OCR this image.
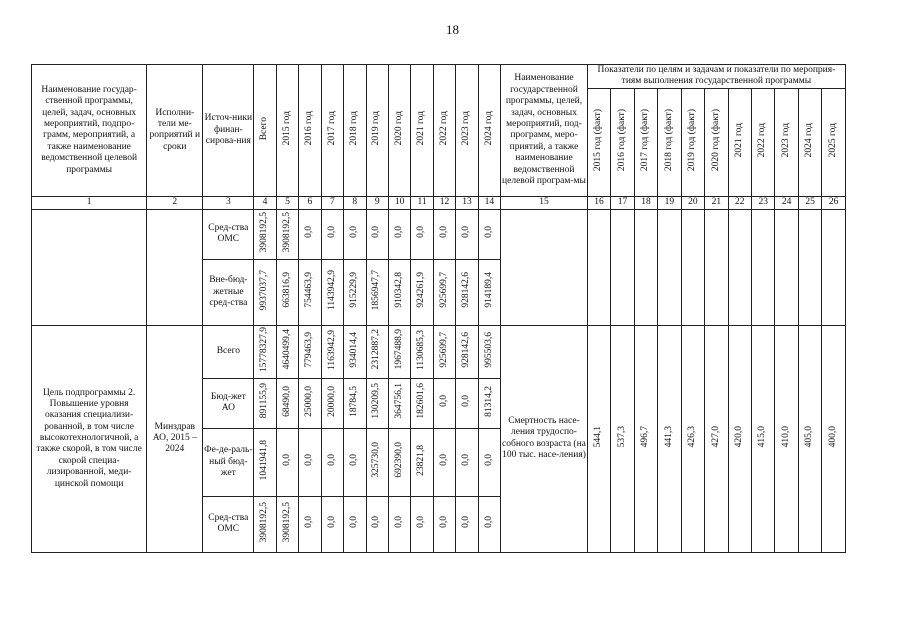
18
Наименование государ-ственной программы, целей, задач, основных мероприятий, подпро-грамм, мероприятий, а также наименование ведомственной целевой программы	Исполни-тели ме-роприятий и сроки	Источ-ники финан-сирова-ния	Всего	2015 год	2016 год	2017 год	2018 год	2019 год	2020 год	2021 год	2022 год	2023 год	2024 год	Наименование государственной программы, целей, задач, основных мероприятий, под-программ, меро-приятий, а также наименование ведомственной целевой програм-мы	Показатели по целям и задачам и показатели по мероприя-тиям выполнения государственной программы										
															2015 год (факт)	2016 год (факт)	2017 год (факт)	2018 год (факт)	2019 год (факт)	2020 год (факт)	2021 год	2022 год	2023 год	2024 год	2025 год
1	2	3	4	5	6	7	8	9	10	11	12	13	14	15	16	17	18	19	20	21	22	23	24	25	26
		Сред-ства ОМС	3908192,5	3908192,5	0,0	0,0	0,0	0,0	0,0	0,0	0,0	0,0	0,0												
		Вне-бюд-жетные сред-ства	9937037,7	663816,9	754463,9	1143942,9	915229,9	1856947,7	910342,8	924261,9	925699,7	928142,6	914189,4												
Цель подпрограммы 2. Повышение уровня оказания специализи-рованной, в том числе высокотехнологичной, а также скорой, в том числе скорой специа-лизированной, меди-цинской помощи	Минздрав АО, 2015 – 2024	Всего	15778327,9	4640499,4	779463,9	1163942,9	934014,4	2312887,2	1967488,9	1130685,3	925699,7	928142,6	995503,6	Смертность насе-ления трудоспо-собного возраста (на 100 тыс. насе-ления)	544,1	537,3	496,7	441,3	426,3	427,0	420,0	415,0	410,0	405,0	400,0
		Бюд-жет АО	891155,9	68490,0	25000,0	20000,0	18784,5	130209,5	364756,1	182601,6	0,0	0,0	81314,2												
		Фе-де-раль-ный бюд-жет	1041941,8	0,0	0,0	0,0	0,0	325730,0	692390,0	23821,8	0,0	0,0	0,0												
		Сред-ства ОМС	3908192,5	3908192,5	0,0	0,0	0,0	0,0	0,0	0,0	0,0	0,0	0,0												
